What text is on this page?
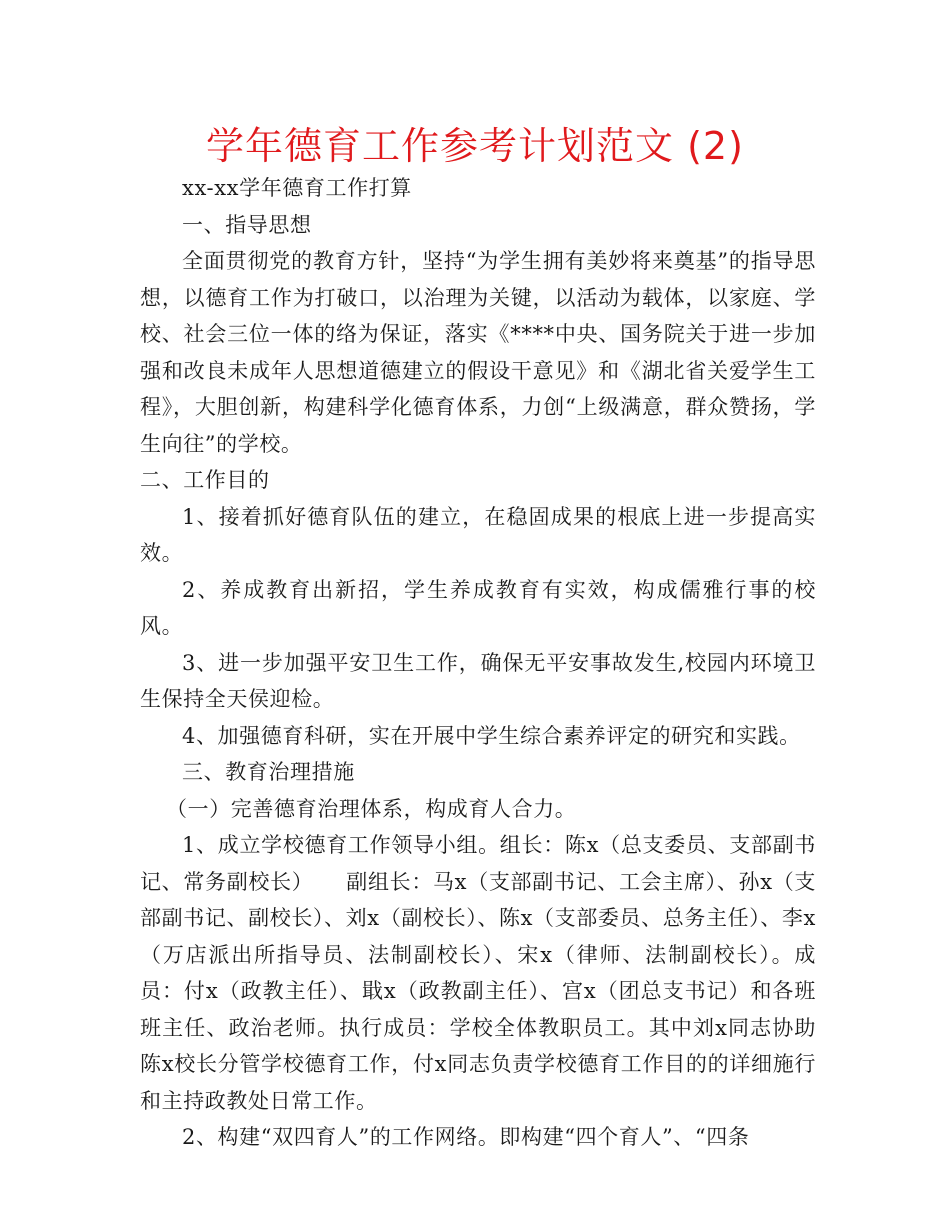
学年德育工作参考计划范文 (2)

xx-xx学年德育工作打算

一、指导思想

全面贯彻党的教育方针，坚持“为学生拥有美妙将来奠基”的指导思想，以德育工作为打破口，以治理为关键，以活动为载体，以家庭、学校、社会三位一体的络为保证，落实《****中央、国务院关于进一步加强和改良未成年人思想道德建立的假设干意见》和《湖北省关爱学生工程》，大胆创新，构建科学化德育体系，力创“上级满意，群众赞扬，学生向往”的学校。

二、工作目的

1、接着抓好德育队伍的建立，在稳固成果的根底上进一步提高实效。

2、养成教育出新招，学生养成教育有实效，构成儒雅行事的校风。

3、进一步加强平安卫生工作，确保无平安事故发生,校园内环境卫生保持全天侯迎检。

4、加强德育科研，实在开展中学生综合素养评定的研究和实践。

三、教育治理措施

（一）完善德育治理体系，构成育人合力。

1、成立学校德育工作领导小组。组长：陈x（总支委员、支部副书记、常务副校长）　　副组长：马x（支部副书记、工会主席）、孙x（支部副书记、副校长）、刘x（副校长）、陈x（支部委员、总务主任）、李x（万店派出所指导员、法制副校长）、宋x（律师、法制副校长）。成员：付x（政教主任）、戢x（政教副主任）、宫x（团总支书记）和各班班主任、政治老师。执行成员：学校全体教职员工。其中刘x同志协助陈x校长分管学校德育工作，付x同志负责学校德育工作目的的详细施行和主持政教处日常工作。

2、构建“双四育人”的工作网络。即构建“四个育人”、“四条
